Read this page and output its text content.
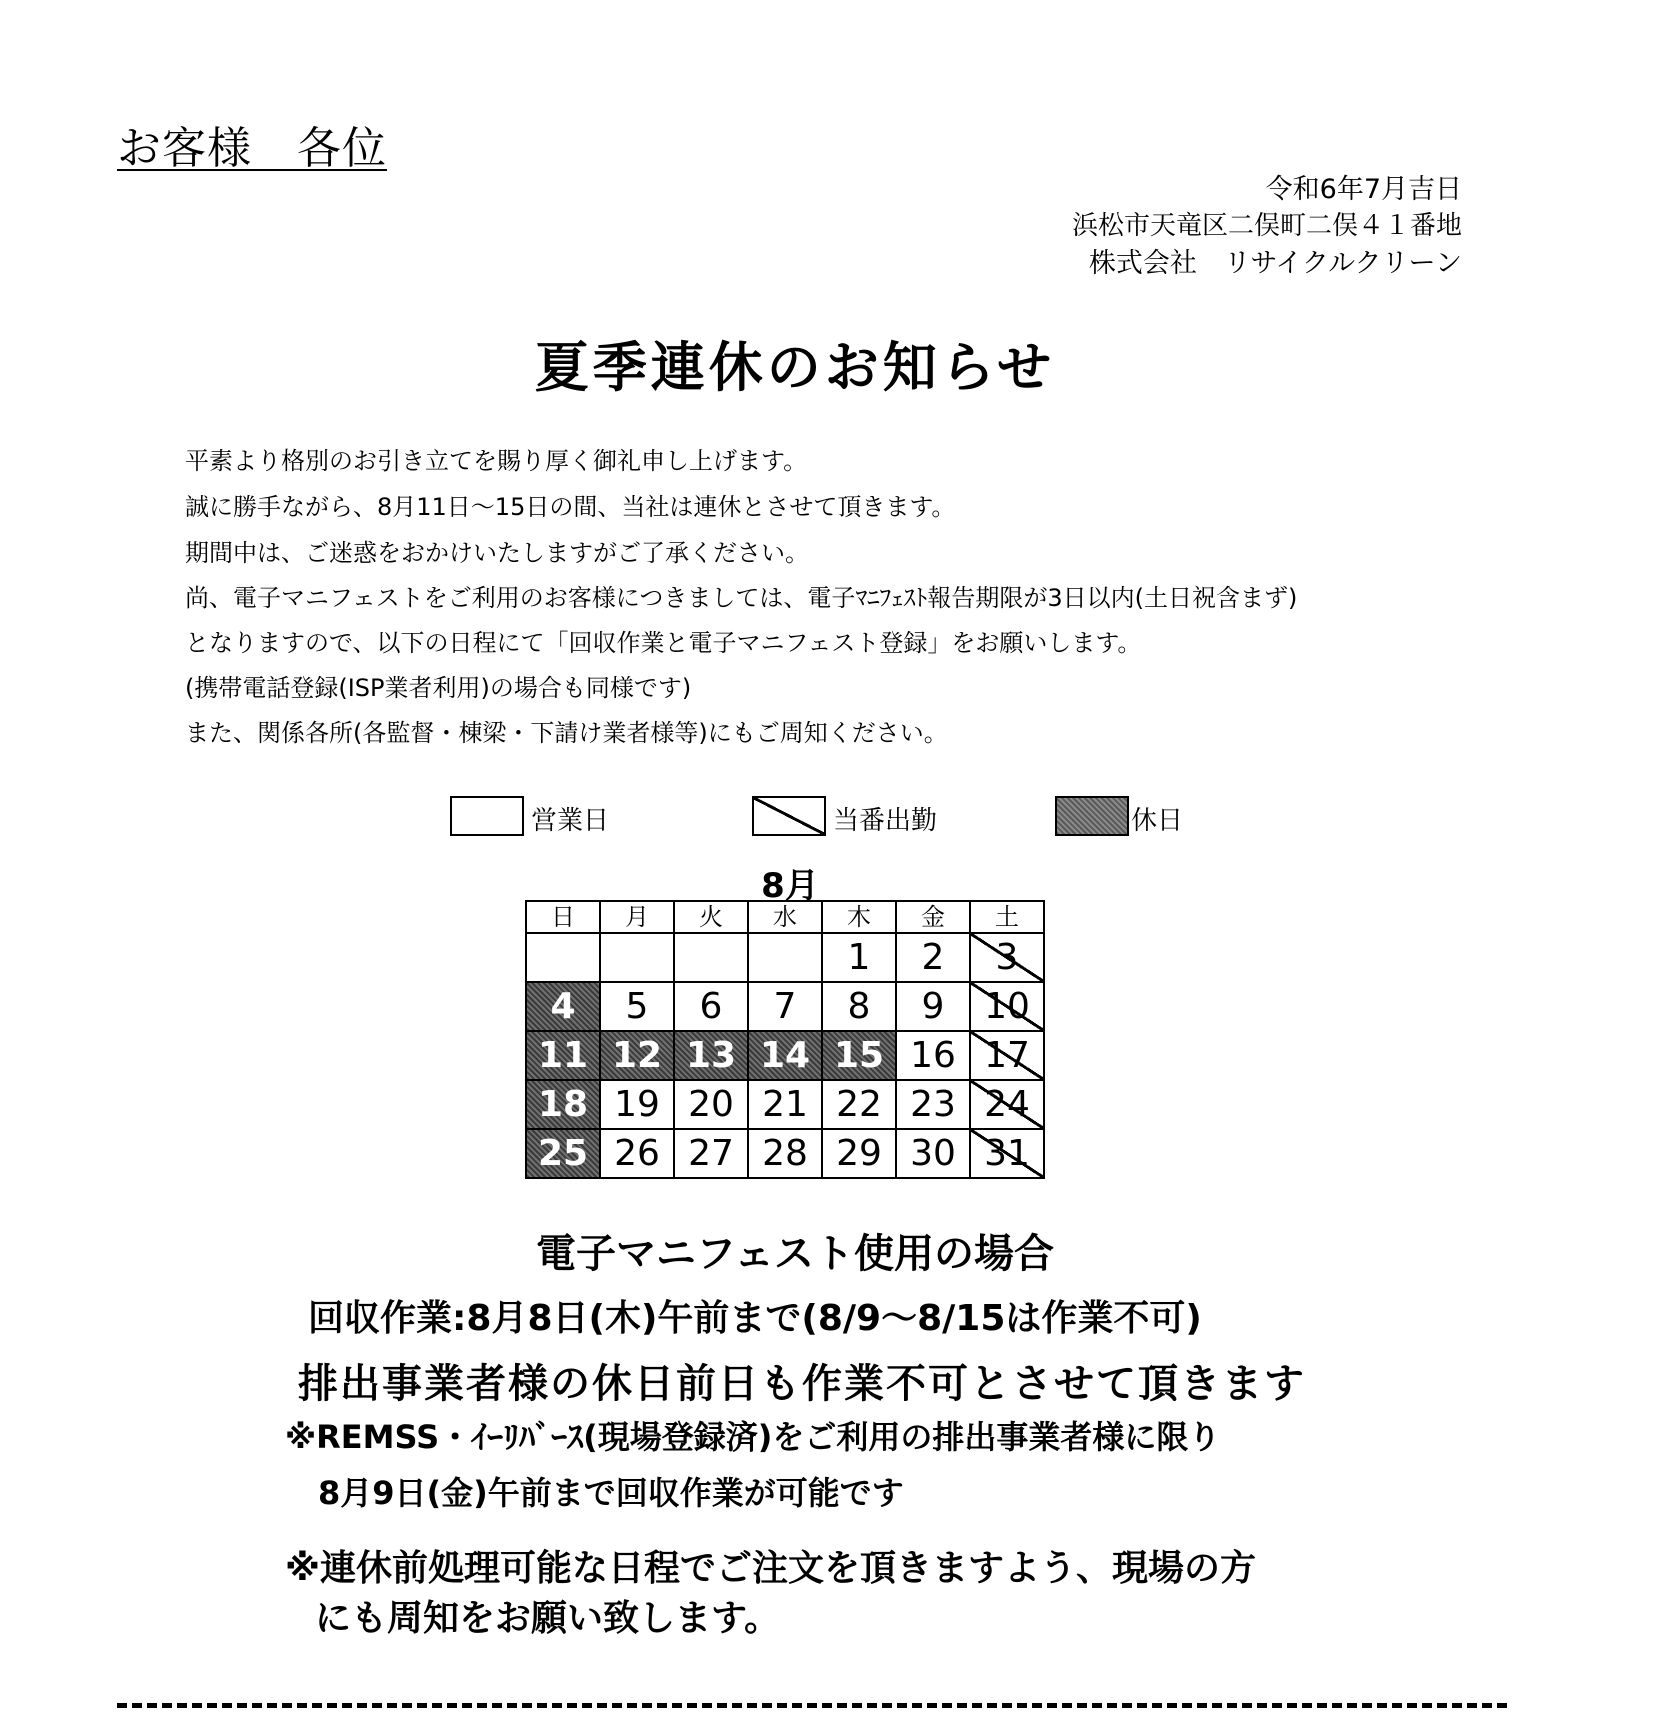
お客様　各位
令和6年7月吉日
浜松市天竜区二俣町二俣４１番地
株式会社　リサイクルクリーン
夏季連休のお知らせ
平素より格別のお引き立てを賜り厚く御礼申し上げます。
誠に勝手ながら、8月11日～15日の間、当社は連休とさせて頂きます。
期間中は、ご迷惑をおかけいたしますがご了承ください。
尚、電子マニフェストをご利用のお客様につきましては、電子ﾏﾆﾌｪｽﾄ報告期限が3日以内(土日祝含まず)
となりますので、以下の日程にて「回収作業と電子マニフェスト登録」をお願いします。
(携帯電話登録(ISP業者利用)の場合も同様です)
また、関係各所(各監督・棟梁・下請け業者様等)にもご周知ください。
営業日	当番出勤	休日
8月
日	月	火	水	木	金	土
				1	2	3
4	5	6	7	8	9	10
11	12	13	14	15	16	17
18	19	20	21	22	23	24
25	26	27	28	29	30	31
電子マニフェスト使用の場合
回収作業:8月8日(木)午前まで(8/9～8/15は作業不可)
排出事業者様の休日前日も作業不可とさせて頂きます
※REMSS・ｲｰﾘﾊﾞｰｽ(現場登録済)をご利用の排出事業者様に限り
8月9日(金)午前まで回収作業が可能です
※連休前処理可能な日程でご注文を頂きますよう、現場の方
にも周知をお願い致します。
